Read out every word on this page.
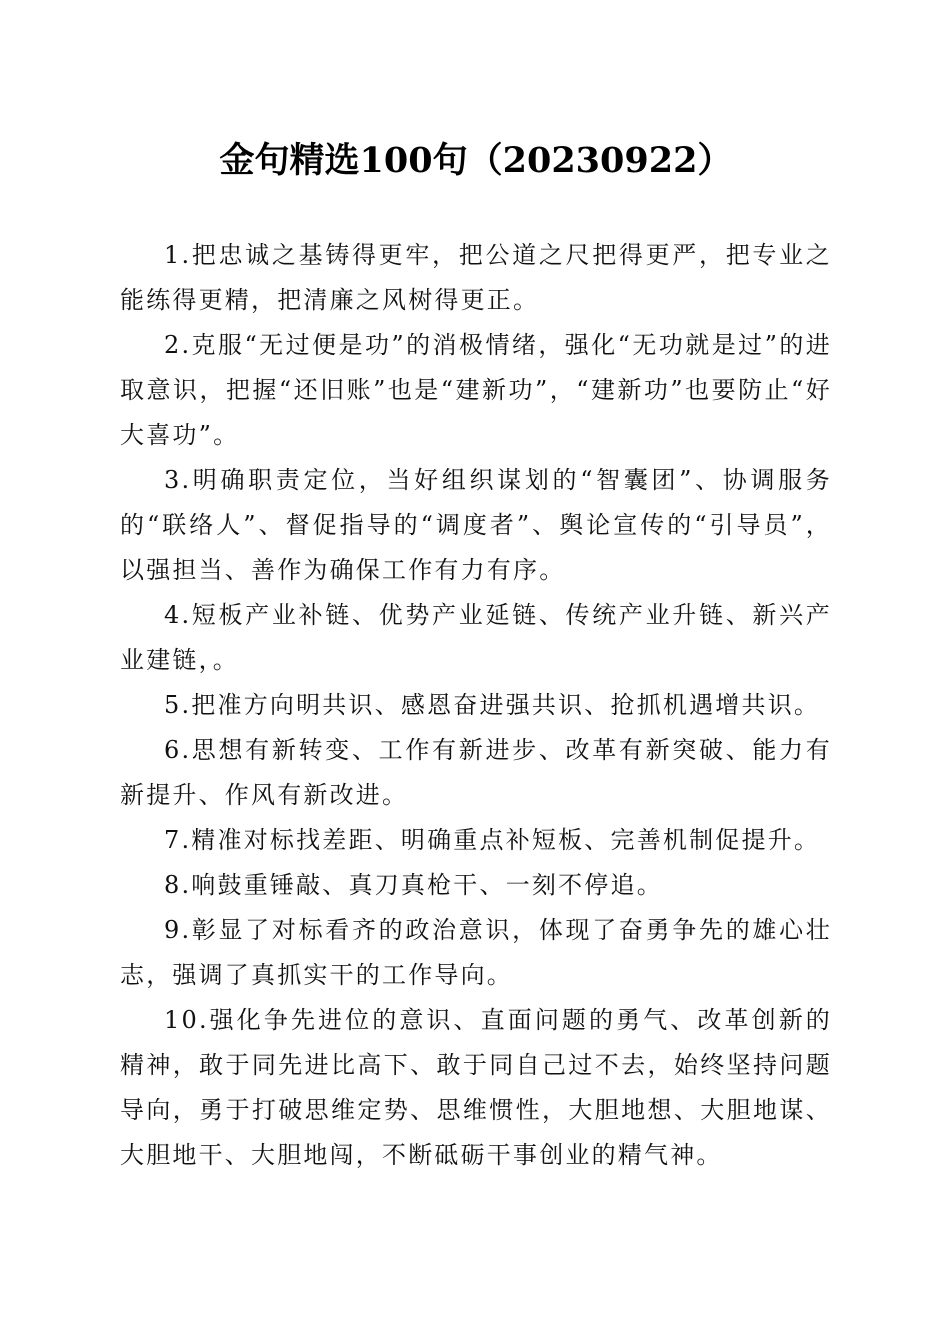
金句精选100句（20230922）

1.把忠诚之基铸得更牢，把公道之尺把得更严，把专业之能练得更精，把清廉之风树得更正。

2.克服“无过便是功”的消极情绪，强化“无功就是过”的进取意识，把握“还旧账”也是“建新功”，“建新功”也要防止“好大喜功”。

3.明确职责定位，当好组织谋划的“智囊团”、协调服务的“联络人”、督促指导的“调度者”、舆论宣传的“引导员”，以强担当、善作为确保工作有力有序。

4.短板产业补链、优势产业延链、传统产业升链、新兴产业建链，。

5.把准方向明共识、感恩奋进强共识、抢抓机遇增共识。

6.思想有新转变、工作有新进步、改革有新突破、能力有新提升、作风有新改进。

7.精准对标找差距、明确重点补短板、完善机制促提升。

8.响鼓重锤敲、真刀真枪干、一刻不停追。

9.彰显了对标看齐的政治意识，体现了奋勇争先的雄心壮志，强调了真抓实干的工作导向。

10.强化争先进位的意识、直面问题的勇气、改革创新的精神，敢于同先进比高下、敢于同自己过不去，始终坚持问题导向，勇于打破思维定势、思维惯性，大胆地想、大胆地谋、大胆地干、大胆地闯，不断砥砺干事创业的精气神。
